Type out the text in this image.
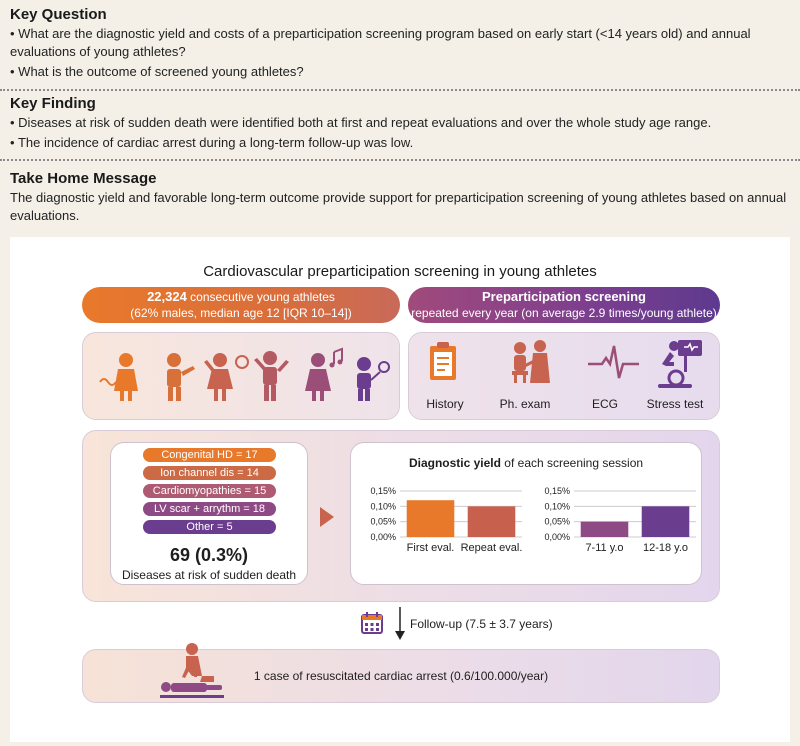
Key Question
• What are the diagnostic yield and costs of a preparticipation screening program based on early start (<14 years old) and annual evaluations of young athletes?
• What is the outcome of screened young athletes?
Key Finding
• Diseases at risk of sudden death were identified both at first and repeat evaluations and over the whole study age range.
• The incidence of cardiac arrest during a long-term follow-up was low.
Take Home Message
The diagnostic yield and favorable long-term outcome provide support for preparticipation screening of young athletes based on annual evaluations.
Cardiovascular preparticipation screening in young athletes
22,324 consecutive young athletes
(62% males, median age 12 [IQR 10–14])
Preparticipation screening
repeated every year (on average 2.9 times/young athlete)
History	Ph. exam	ECG	Stress test
Congenital HD = 17
Ion channel dis = 14
Cardiomyopathies = 15
LV scar + arrythm = 18
Other = 5
69 (0.3%)
Diseases at risk of sudden death
Diagnostic yield of each screening session
0,00%
0,05%
0,10%
0,15%
First eval. Repeat eval.
0,00%
0,05%
0,10%
0,15%
7-11 y.o 12-18 y.o
Follow-up (7.5 ± 3.7 years)
1 case of resuscitated cardiac arrest (0.6/100.000/year)
